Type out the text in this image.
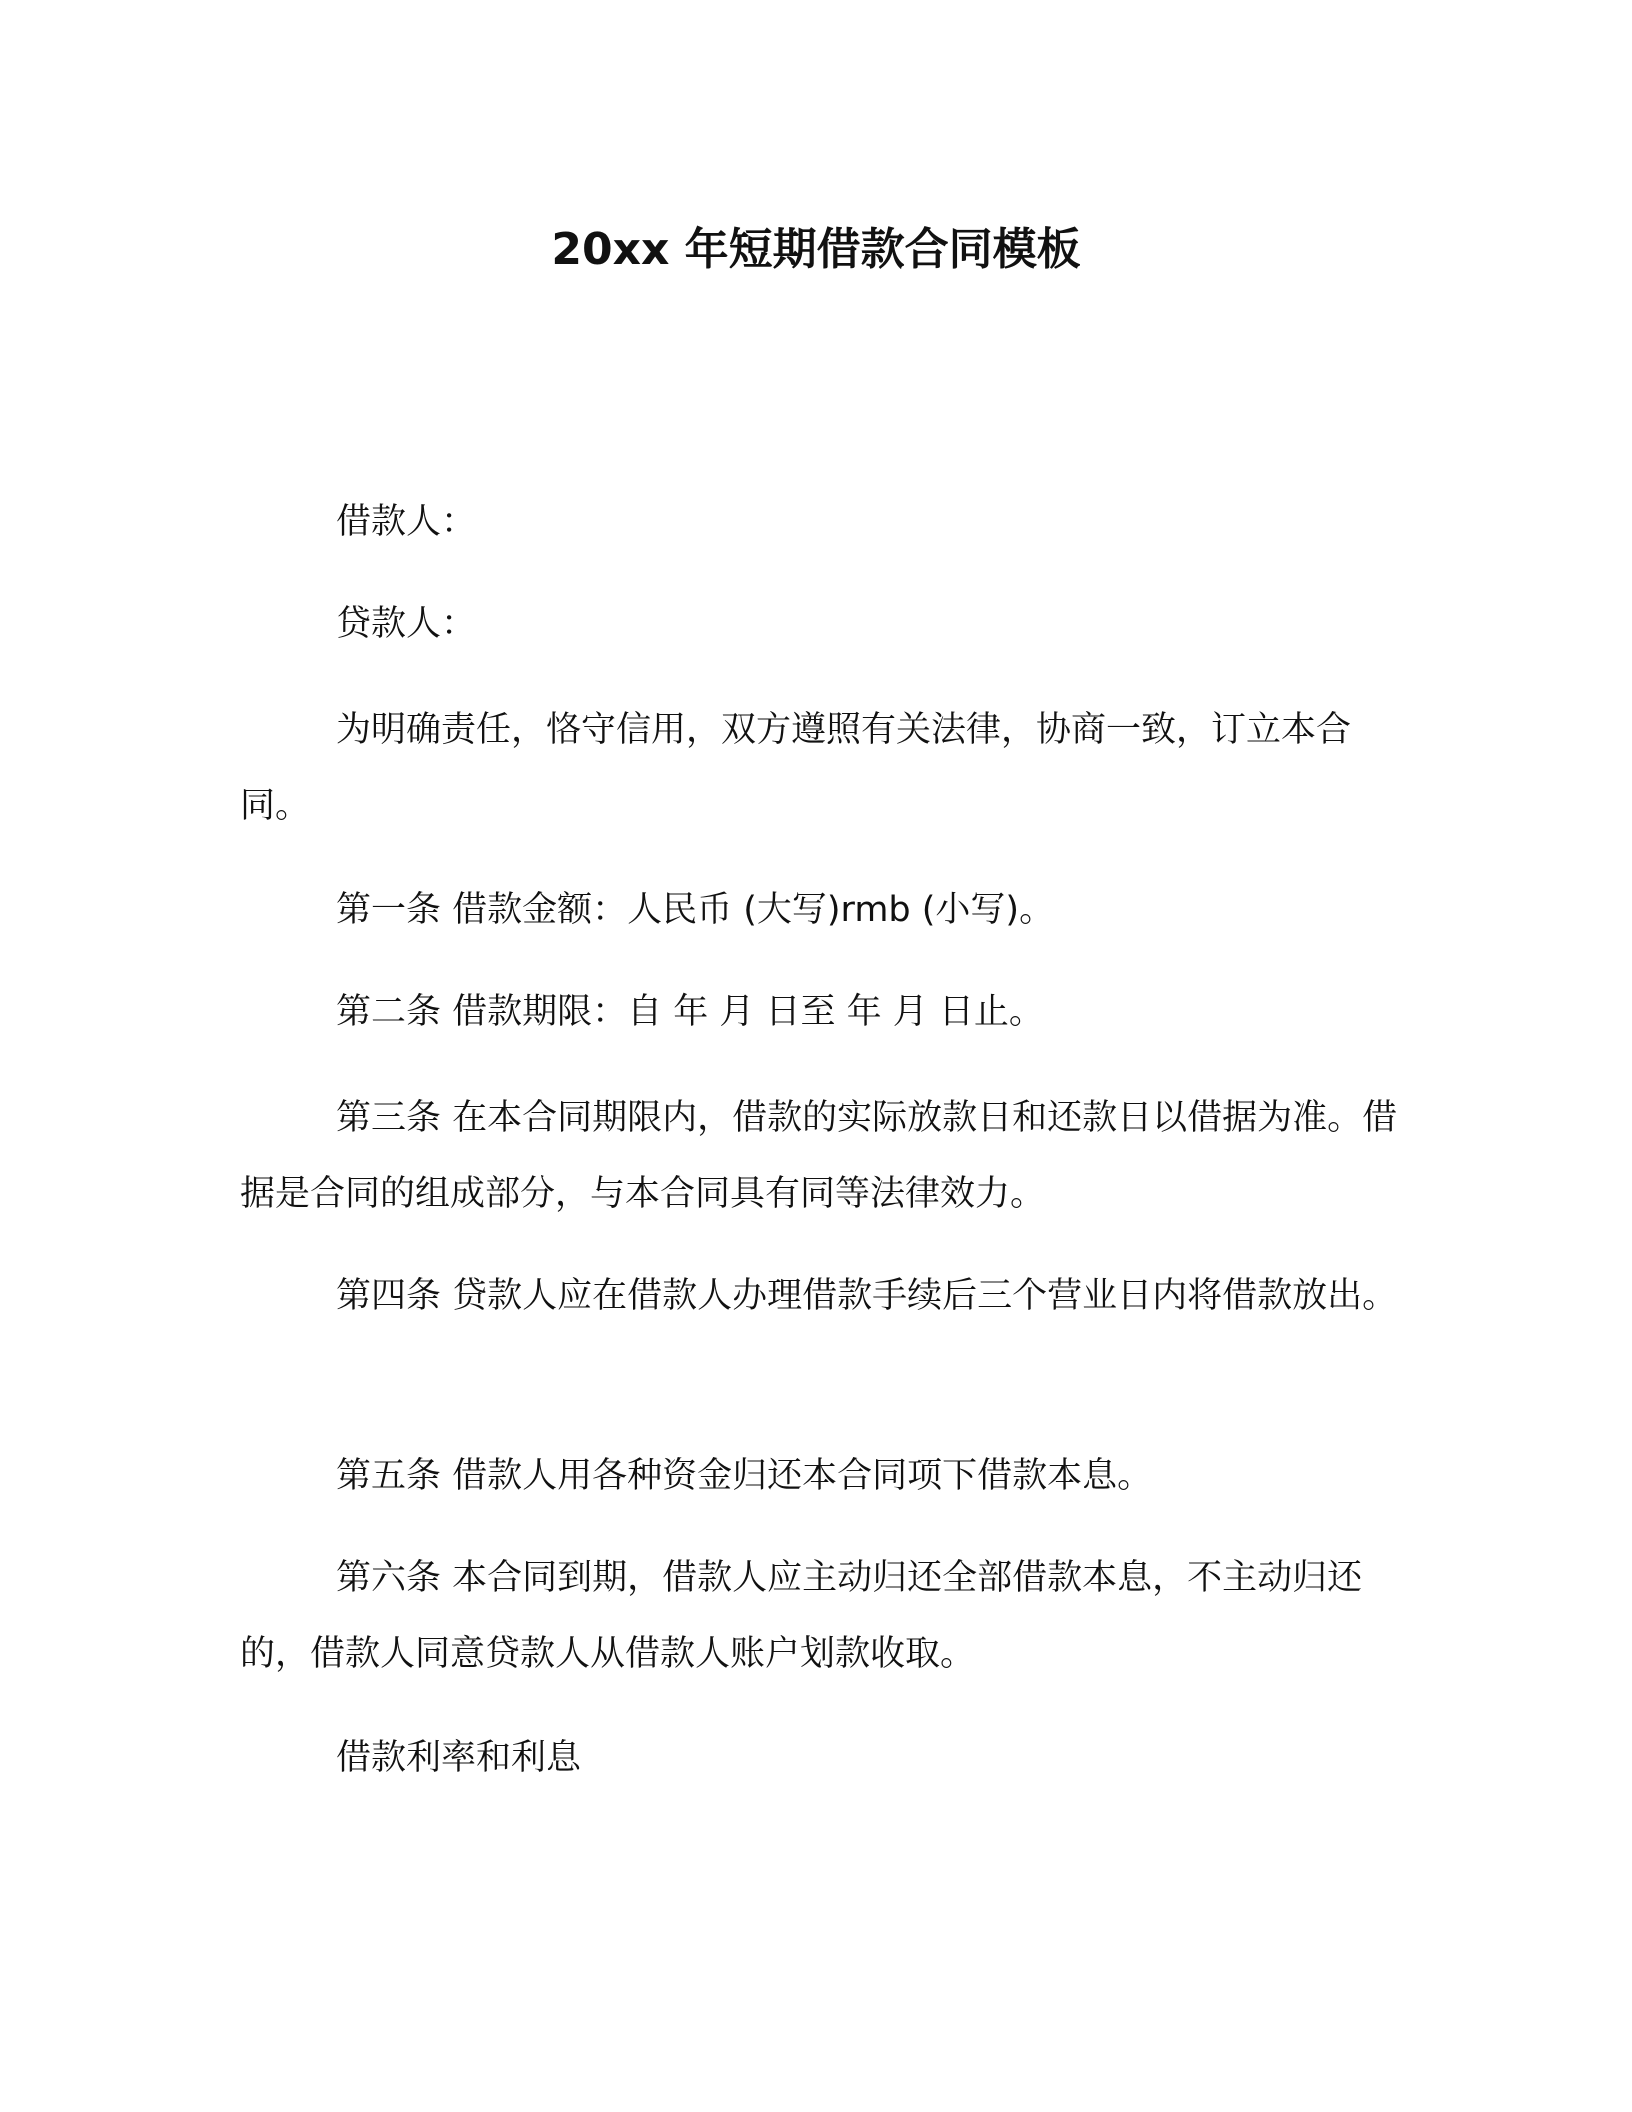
20xx 年短期借款合同模板
借款人：
贷款人：
为明确责任，恪守信用，双方遵照有关法律，协商一致，订立本合同。
第一条 借款金额：人民币 (大写)rmb (小写)。
第二条 借款期限：自 年 月 日至 年 月 日止。
第三条 在本合同期限内，借款的实际放款日和还款日以借据为准。借据是合同的组成部分，与本合同具有同等法律效力。
第四条 贷款人应在借款人办理借款手续后三个营业日内将借款放出。
第五条 借款人用各种资金归还本合同项下借款本息。
第六条 本合同到期，借款人应主动归还全部借款本息，不主动归还的，借款人同意贷款人从借款人账户划款收取。
借款利率和利息
